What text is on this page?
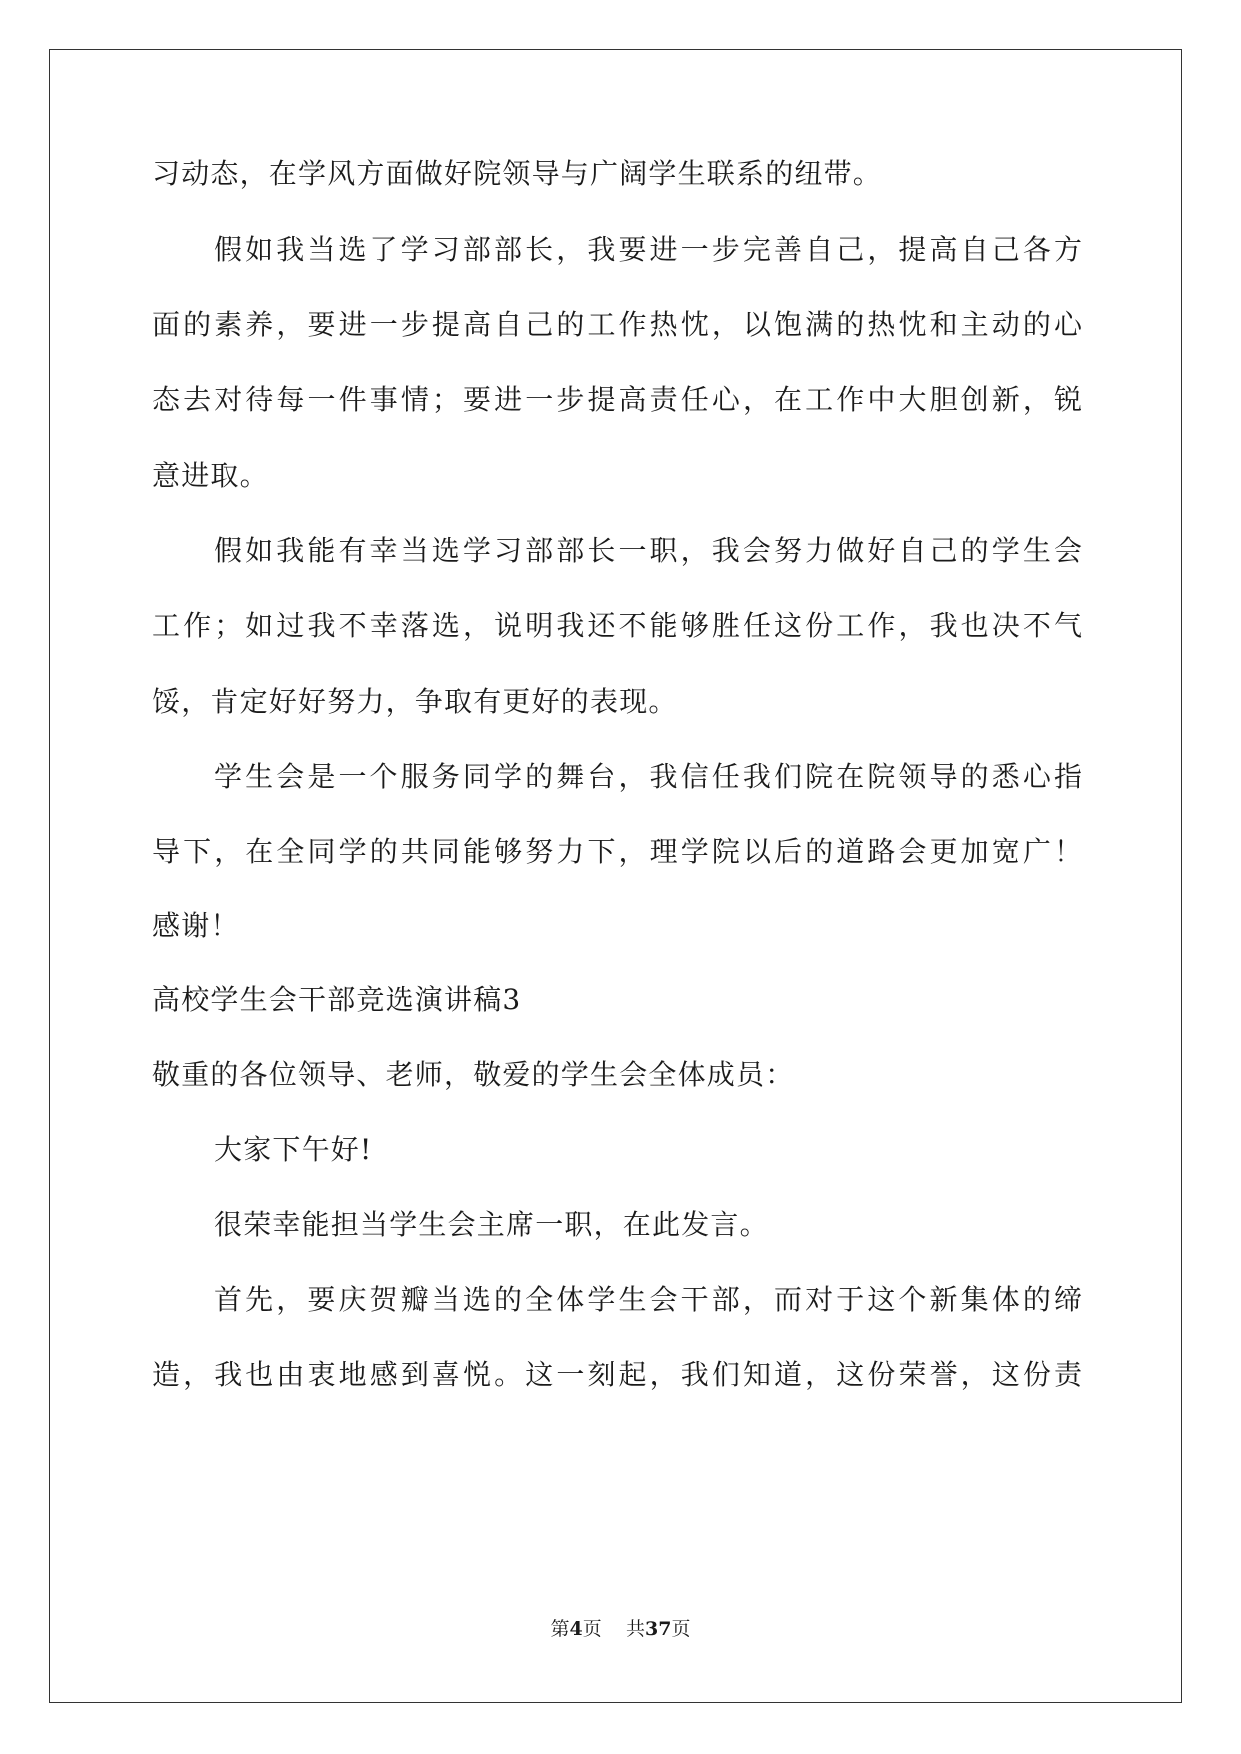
习动态，在学风方面做好院领导与广阔学生联系的纽带。
假如我当选了学习部部长，我要进一步完善自己，提高自己各方
面的素养，要进一步提高自己的工作热忱，以饱满的热忱和主动的心
态去对待每一件事情；要进一步提高责任心，在工作中大胆创新，锐
意进取。
假如我能有幸当选学习部部长一职，我会努力做好自己的学生会
工作；如过我不幸落选，说明我还不能够胜任这份工作，我也决不气
馁，肯定好好努力，争取有更好的表现。
学生会是一个服务同学的舞台，我信任我们院在院领导的悉心指
导下，在全同学的共同能够努力下，理学院以后的道路会更加宽广！
感谢！
高校学生会干部竞选演讲稿3
敬重的各位领导、老师，敬爱的学生会全体成员：
大家下午好!
很荣幸能担当学生会主席一职，在此发言。
首先，要庆贺瓣当选的全体学生会干部，而对于这个新集体的缔
造，我也由衷地感到喜悦。这一刻起，我们知道，这份荣誉，这份责
第4页 共37页
